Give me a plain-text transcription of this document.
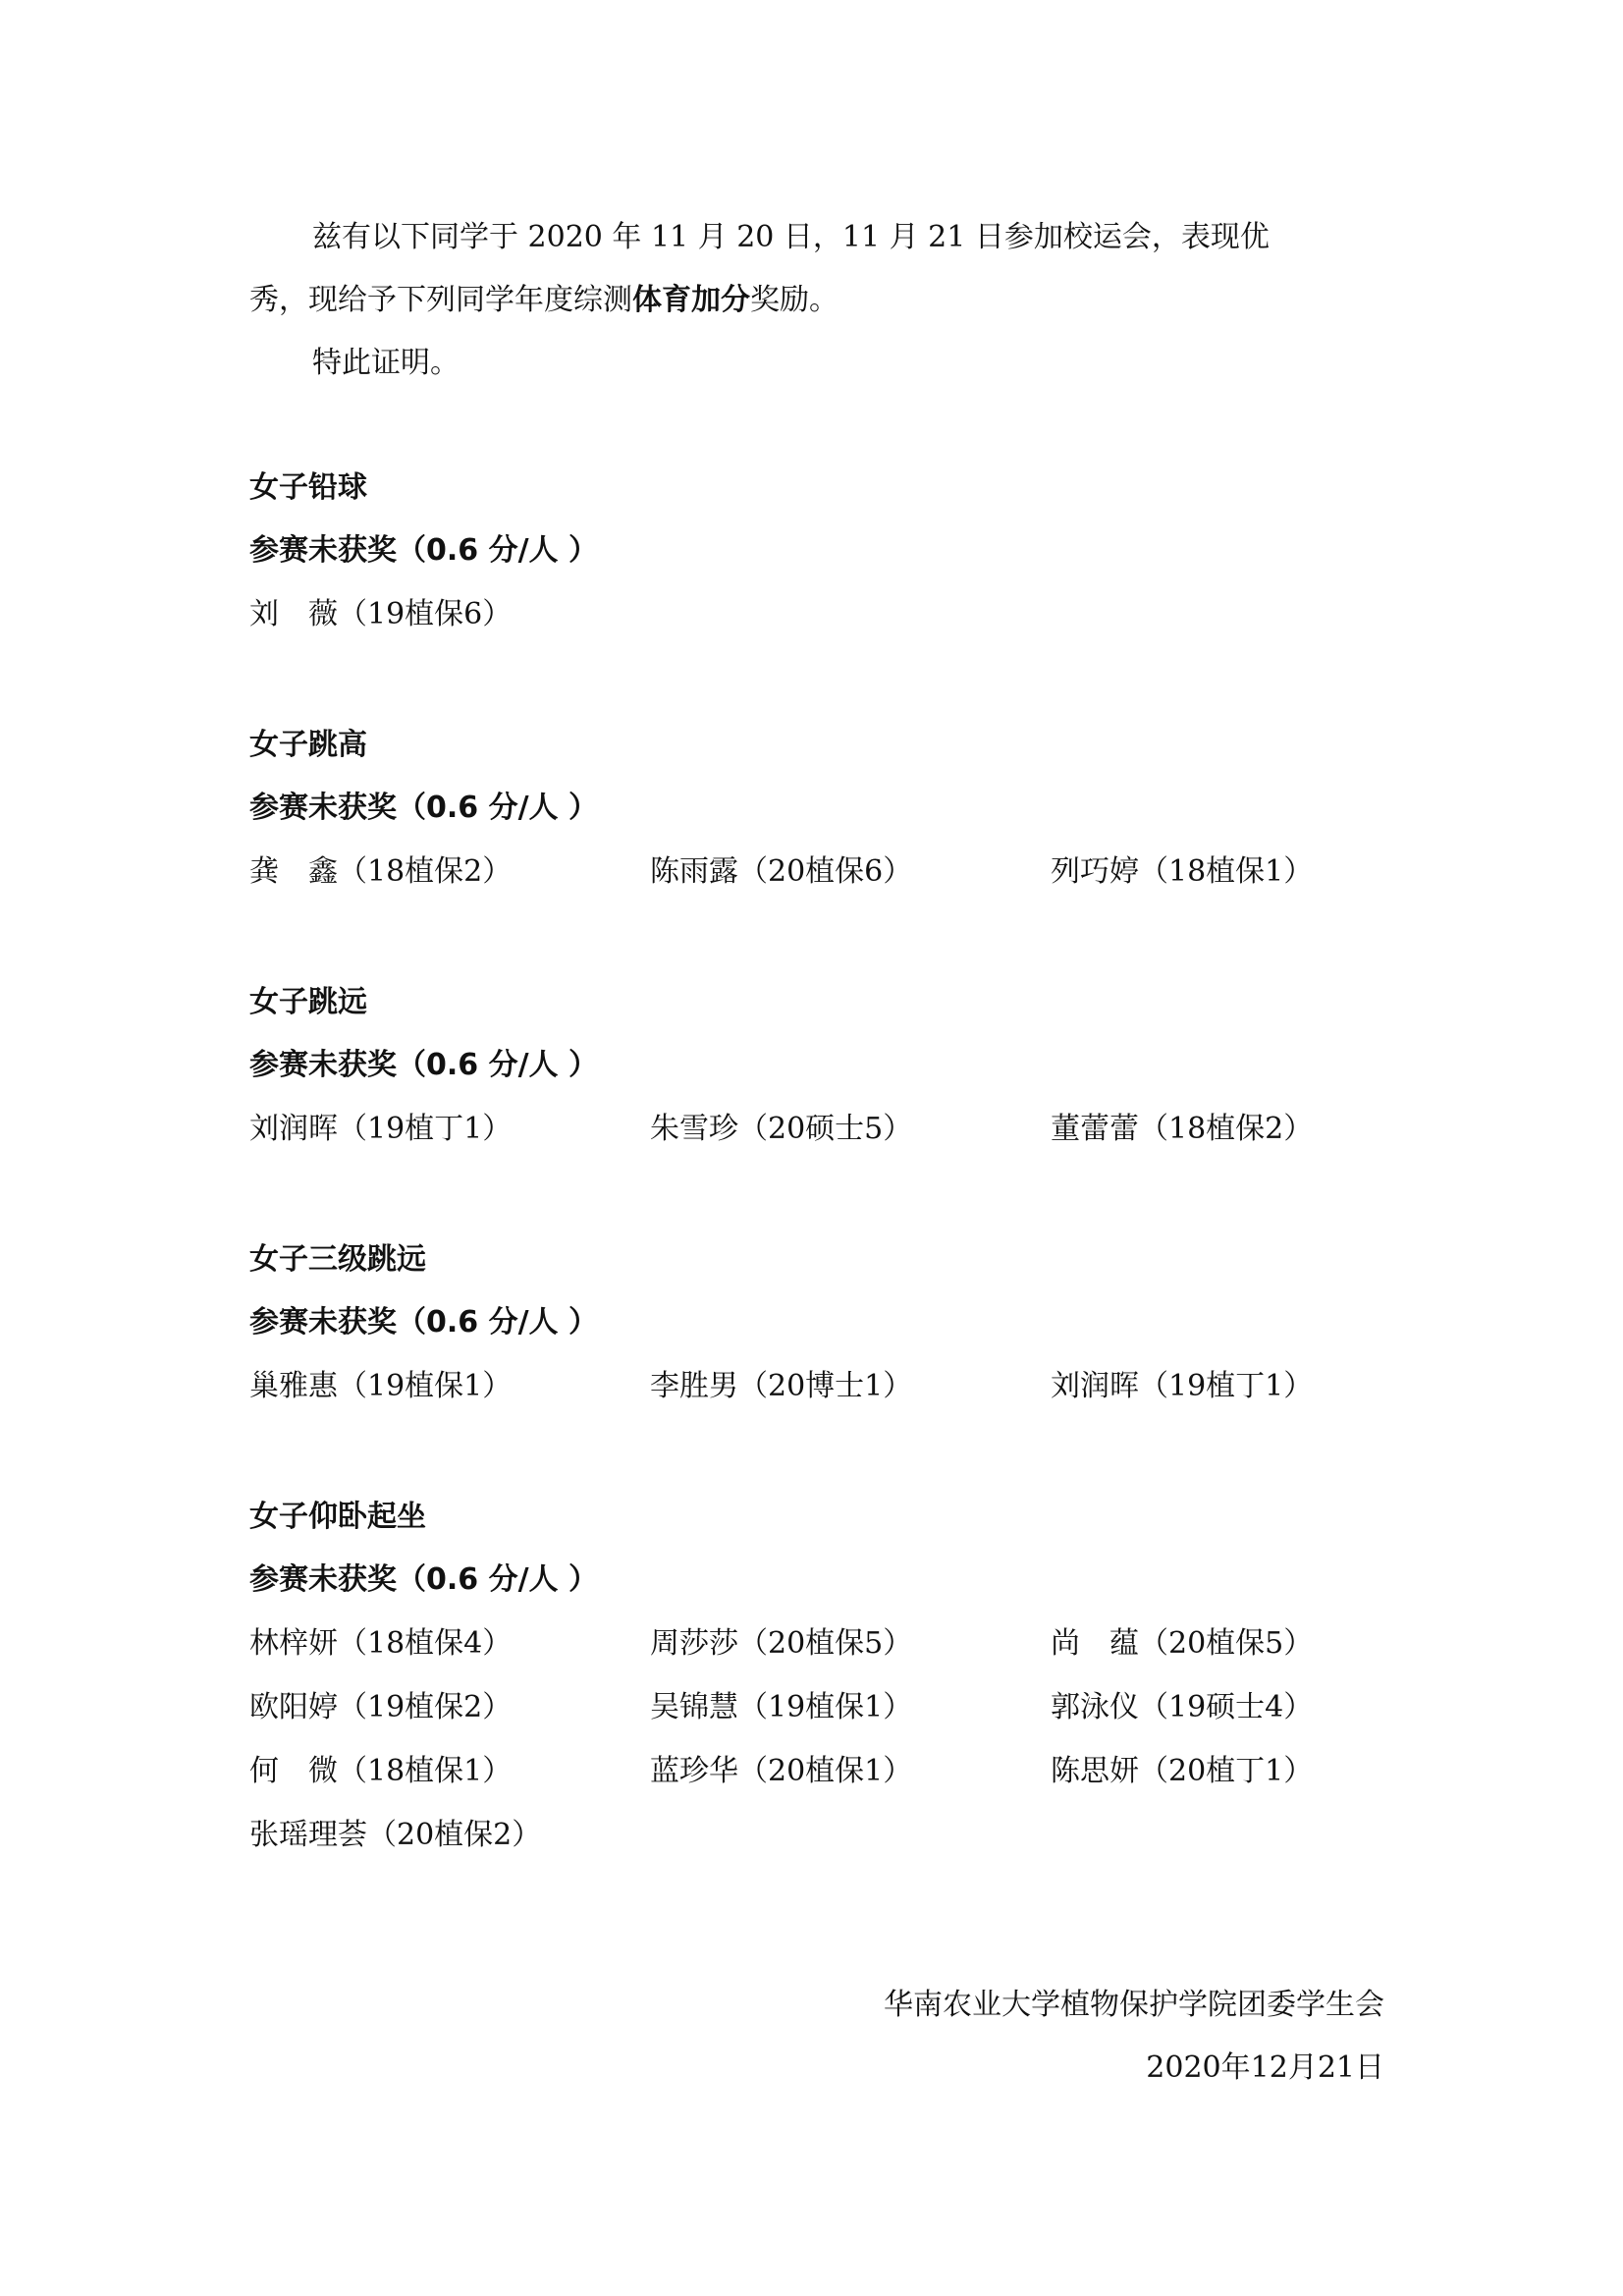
兹有以下同学于 2020 年 11 月 20 日，11 月 21 日参加校运会，表现优

秀，现给予下列同学年度综测体育加分奖励。

特此证明。

女子铅球
参赛未获奖（0.6 分/人 ）
刘　薇（19植保6）
女子跳高
参赛未获奖（0.6 分/人 ）
龚　鑫（18植保2）	陈雨露（20植保6）	列巧婷（18植保1）
女子跳远
参赛未获奖（0.6 分/人 ）
刘润晖（19植丁1）	朱雪珍（20硕士5）	董蕾蕾（18植保2）
女子三级跳远
参赛未获奖（0.6 分/人 ）
巢雅惠（19植保1）	李胜男（20博士1）	刘润晖（19植丁1）
女子仰卧起坐
参赛未获奖（0.6 分/人 ）
林梓妍（18植保4）	周莎莎（20植保5）	尚　蕴（20植保5）
欧阳婷（19植保2）	吴锦慧（19植保1）	郭泳仪（19硕士4）
何　微（18植保1）	蓝珍华（20植保1）	陈思妍（20植丁1）
张瑶理荟（20植保2）
华南农业大学植物保护学院团委学生会
2020年12月21日
